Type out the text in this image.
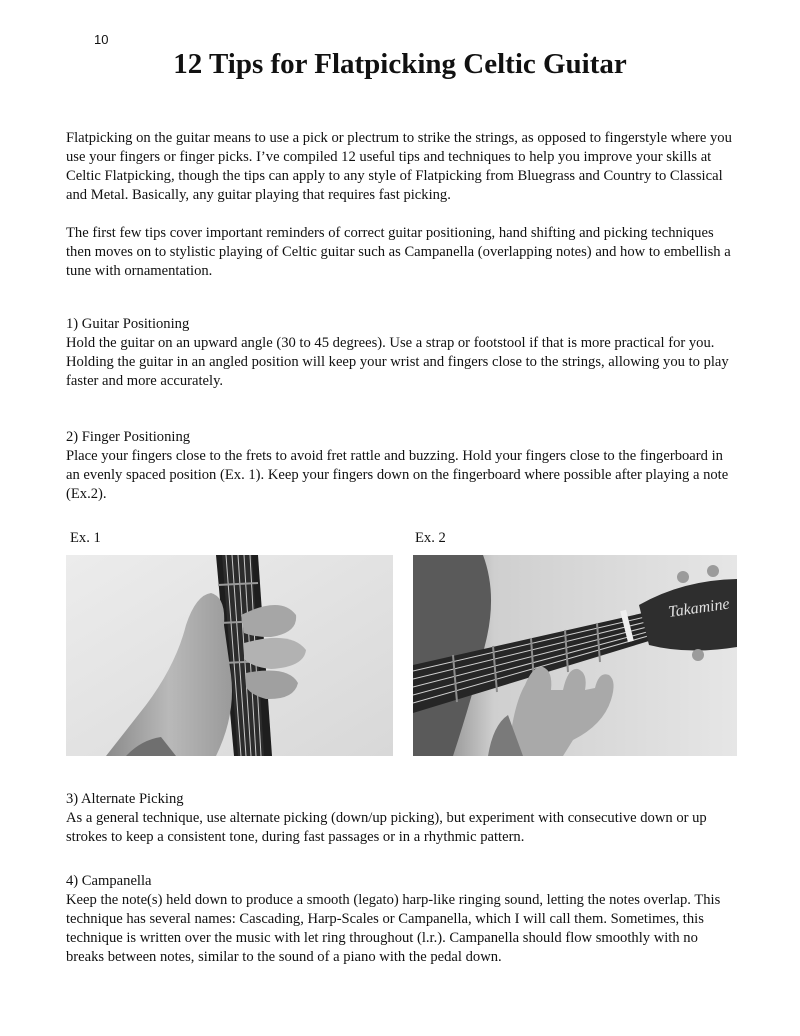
10
12 Tips for Flatpicking Celtic Guitar

Flatpicking on the guitar means to use a pick or plectrum to strike the strings, as opposed to fingerstyle where you use your fingers or finger picks. I’ve compiled 12 useful tips and techniques to help you improve your skills at Celtic Flatpicking, though the tips can apply to any style of Flatpicking from Bluegrass and Country to Classical and Metal. Basically, any guitar playing that requires fast picking.

The first few tips cover important reminders of correct guitar positioning, hand shifting and picking techniques then moves on to stylistic playing of Celtic guitar such as Campanella (overlapping notes) and how to embellish a tune with ornamentation.

1) Guitar Positioning

Hold the guitar on an upward angle (30 to 45 degrees). Use a strap or footstool if that is more practical for you. Holding the guitar in an angled position will keep your wrist and fingers close to the strings, allowing you to play faster and more accurately.

2) Finger Positioning

Place your fingers close to the frets to avoid fret rattle and buzzing. Hold your fingers close to the fingerboard in an evenly spaced position (Ex. 1). Keep your fingers down on the fingerboard where possible after playing a note (Ex.2).

Ex. 1	Ex. 2
Takamine

3) Alternate Picking

As a general technique, use alternate picking (down/up picking), but experiment with consecutive down or up strokes to keep a consistent tone, during fast passages or in a rhythmic pattern.

4) Campanella

Keep the note(s) held down to produce a smooth (legato) harp-like ringing sound, letting the notes overlap. This technique has several names: Cascading, Harp-Scales or Campanella, which I will call them. Sometimes, this technique is written over the music with let ring throughout (l.r.). Campanella should flow smoothly with no breaks between notes, similar to the sound of a piano with the pedal down.
